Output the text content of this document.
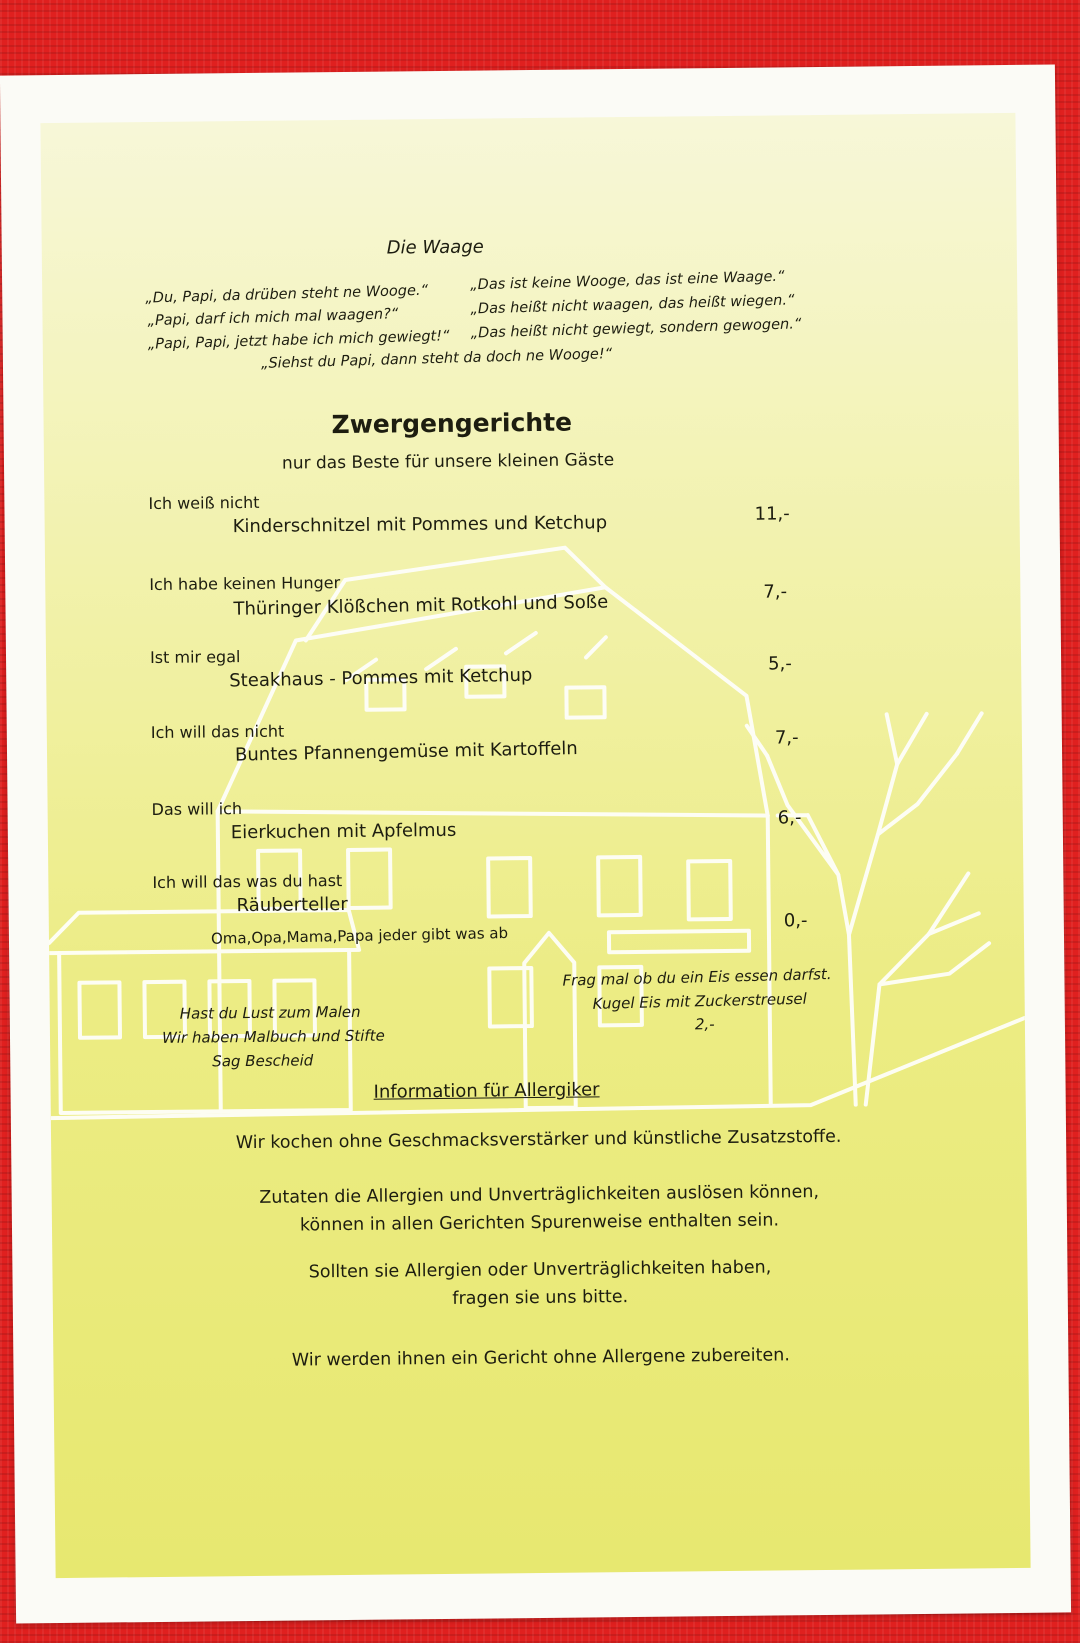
Die Waage
„Du, Papi, da drüben steht ne Wooge.“
„Papi, darf ich mich mal waagen?“
„Papi, Papi, jetzt habe ich mich gewiegt!“
„Das ist keine Wooge, das ist eine Waage.“
„Das heißt nicht waagen, das heißt wiegen.“
„Das heißt nicht gewiegt, sondern gewogen.“
„Siehst du Papi, dann steht da doch ne Wooge!“
Zwergengerichte
nur das Beste für unsere kleinen Gäste
Ich weiß nicht
Kinderschnitzel mit Pommes und Ketchup	11,-
Ich habe keinen Hunger
Thüringer Klößchen mit Rotkohl und Soße	7,-
Ist mir egal
Steakhaus - Pommes mit Ketchup
5,-
Ich will das nicht
Buntes Pfannengemüse mit Kartoffeln
7,-
Das will ich
Eierkuchen mit Apfelmus
6,-
Ich will das was du hast
Räuberteller
Oma,Opa,Mama,Papa jeder gibt was ab
0,-
Hast du Lust zum Malen
Wir haben Malbuch und Stifte
Sag Bescheid
Frag mal ob du ein Eis essen darfst.
Kugel Eis mit Zuckerstreusel
2,-
Information für Allergiker
Wir kochen ohne Geschmacksverstärker und künstliche Zusatzstoffe.
Zutaten die Allergien und Unverträglichkeiten auslösen können,
können in allen Gerichten Spurenweise enthalten sein.
Sollten sie Allergien oder Unverträglichkeiten haben,
fragen sie uns bitte.
Wir werden ihnen ein Gericht ohne Allergene zubereiten.
